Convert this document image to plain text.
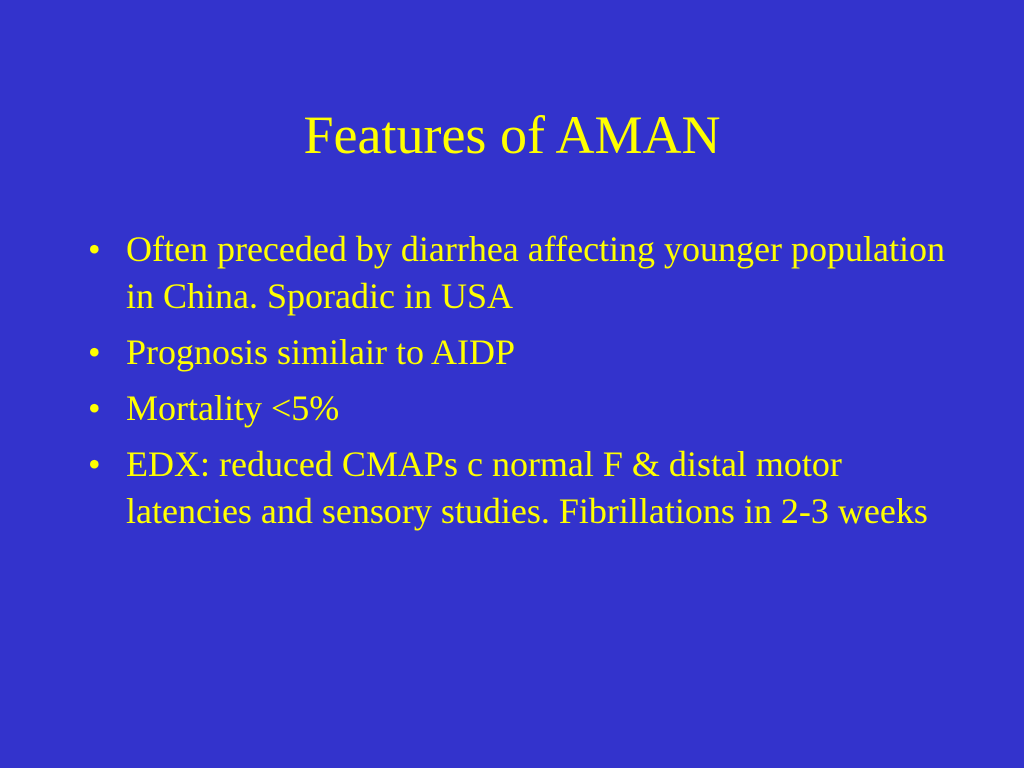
Features of AMAN
• Often preceded by diarrhea affecting younger population in China. Sporadic in USA
• Prognosis similair to AIDP
• Mortality <5%
• EDX: reduced CMAPs c normal F & distal motor latencies and sensory studies. Fibrillations in 2-3 weeks
